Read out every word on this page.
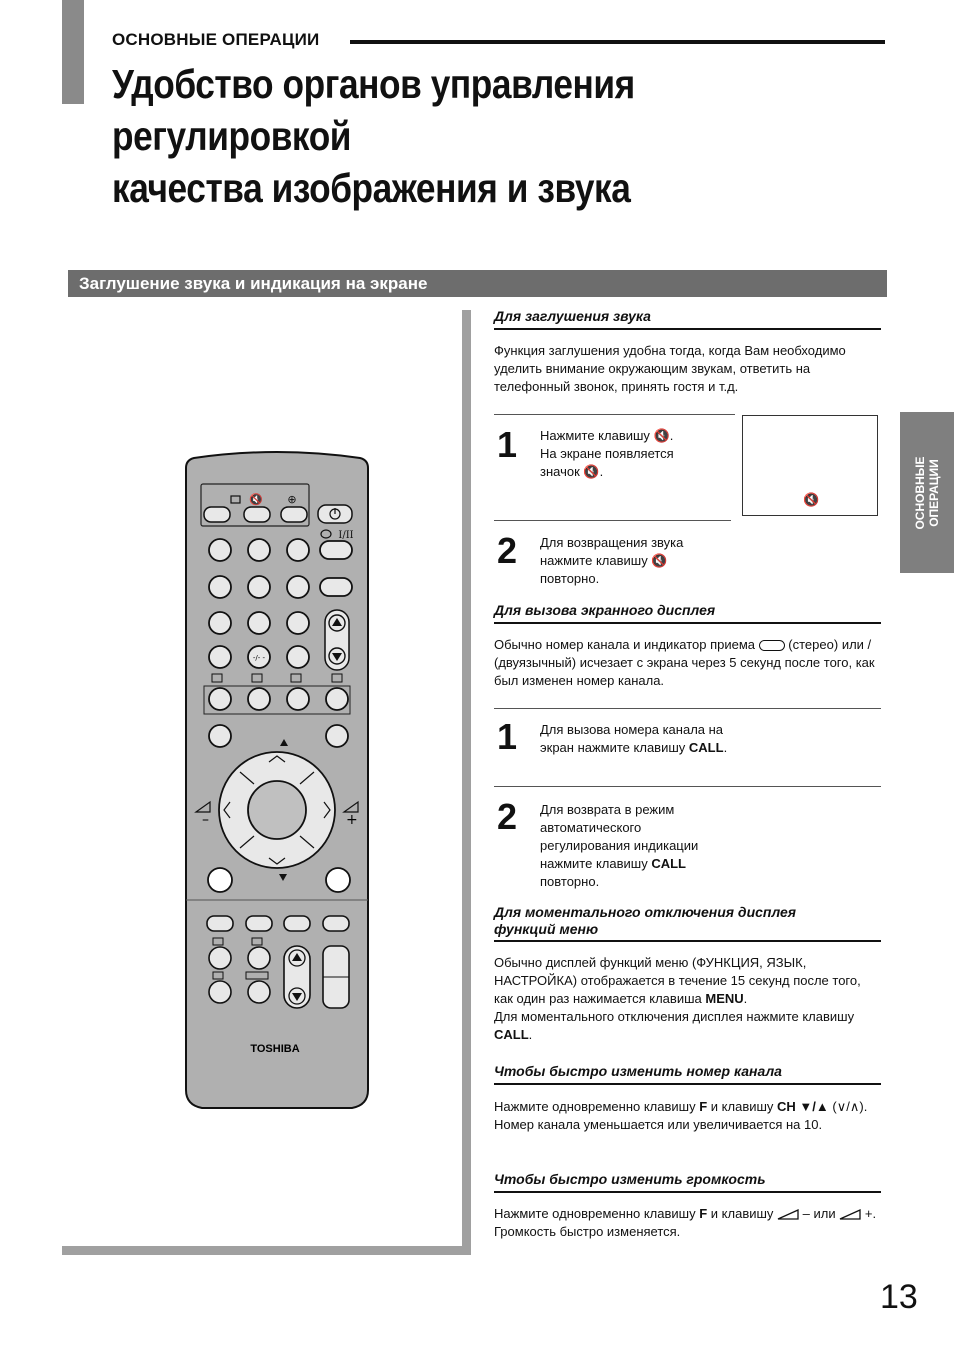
ОСНОВНЫЕ ОПЕРАЦИИ
Удобство органов управления регулировкой
качества изображения и звука
Заглушение звука и индикация на экране
ОСНОВНЫЕ ОПЕРАЦИИ
🔇 ⊕
I/II
-/- -
–	+
TOSHIBA
Для заглушения звука
Функция заглушения удобна тогда, когда Вам необходимо уделить внимание окружающим звукам, ответить на телефонный звонок, принять гостя и т.д.
1 Нажмите клавишу 🔇.
На экране появляется
значок 🔇.
🔇
2 Для возвращения звука
нажмите клавишу 🔇
повторно.
Для вызова экранного дисплея
Обычно номер канала и индикатор приема	(стерео) или / (двуязычный) исчезает с экрана через 5 секунд после того, как был изменен номер канала.
1 Для вызова номера канала на экран нажмите клавишу CALL.
2 Для возврата в режим автоматического регулирования индикации нажмите клавишу CALL повторно.
Для моментального отключения дисплея
функций меню
Обычно дисплей функций меню (ФУНКЦИЯ, ЯЗЫК, НАСТРОЙКА) отображается в течение 15 секунд после того, как один раз нажимается клавиша MENU.
Для моментального отключения дисплея нажмите клавишу CALL.
Чтобы быстро изменить номер канала
Нажмите одновременно клавишу F и клавишу CH ▼/▲ (∨/∧). Номер канала уменьшается или увеличивается на 10.
Чтобы быстро изменить громкость
Нажмите одновременно клавишу F и клавишу – или +. Громкость быстро изменяется.
13
